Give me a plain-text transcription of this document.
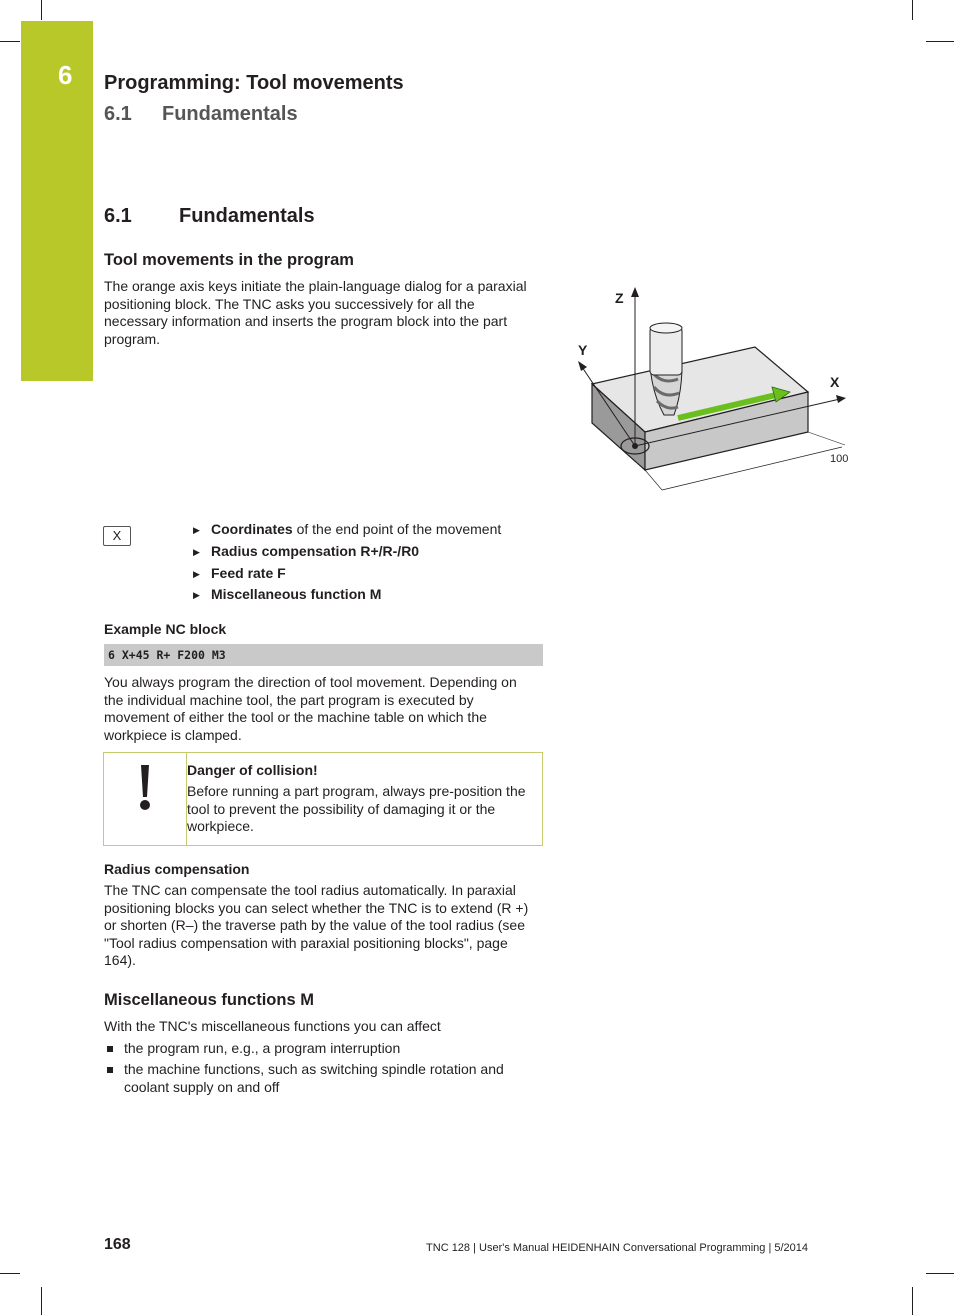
6 Programming: Tool movements
6.1 Fundamentals
6.1 Fundamentals
Tool movements in the program
The orange axis keys initiate the plain-language dialog for a paraxial positioning block. The TNC asks you successively for all the necessary information and inserts the program block into the part program.
Z
Y
X
100
X	▶ Coordinates of the end point of the movement
▶ Radius compensation R+/R-/R0
▶ Feed rate F
▶ Miscellaneous function M
Example NC block
6 X+45 R+ F200 M3
You always program the direction of tool movement. Depending on the individual machine tool, the part program is executed by movement of either the tool or the machine table on which the workpiece is clamped.
Danger of collision!
Before running a part program, always pre-position the tool to prevent the possibility of damaging it or the workpiece.
Radius compensation
The TNC can compensate the tool radius automatically. In paraxial positioning blocks you can select whether the TNC is to extend (R +) or shorten (R–) the traverse path by the value of the tool radius (see "Tool radius compensation with paraxial positioning blocks", page 164).
Miscellaneous functions M
With the TNC's miscellaneous functions you can affect
the program run, e.g., a program interruption
the machine functions, such as switching spindle rotation and coolant supply on and off
168	TNC 128 | User's Manual HEIDENHAIN Conversational Programming | 5/2014
